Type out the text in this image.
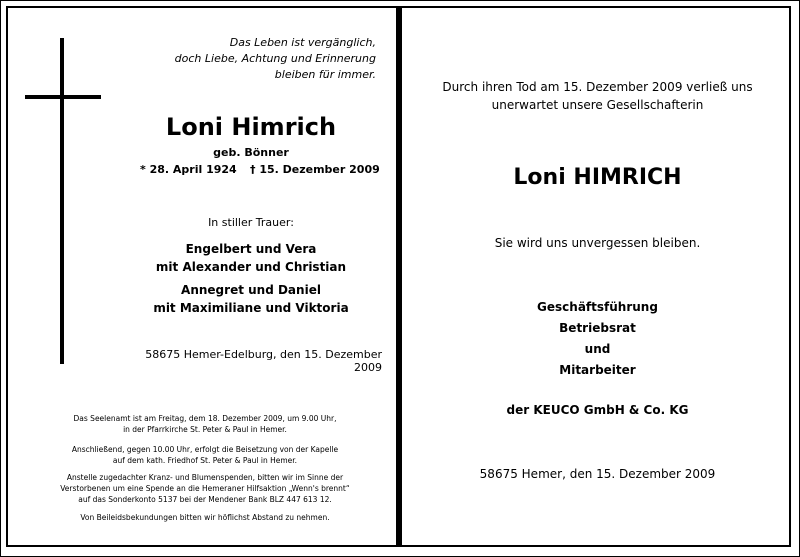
Das Leben ist vergänglich,
doch Liebe, Achtung und Erinnerung
bleiben für immer.
Loni Himrich
geb. Bönner
* 28. April 1924 † 15. Dezember 2009
In stiller Trauer:
Engelbert und Vera
mit Alexander und Christian
Annegret und Daniel
mit Maximiliane und Viktoria
58675 Hemer-Edelburg, den 15. Dezember 2009
Das Seelenamt ist am Freitag, dem 18. Dezember 2009, um 9.00 Uhr,
in der Pfarrkirche St. Peter & Paul in Hemer.
Anschließend, gegen 10.00 Uhr, erfolgt die Beisetzung von der Kapelle
auf dem kath. Friedhof St. Peter & Paul in Hemer.
Anstelle zugedachter Kranz- und Blumenspenden, bitten wir im Sinne der
Verstorbenen um eine Spende an die Hemeraner Hilfsaktion „Wenn's brennt“
auf das Sonderkonto 5137 bei der Mendener Bank BLZ 447 613 12.
Von Beileidsbekundungen bitten wir höflichst Abstand zu nehmen.
Durch ihren Tod am 15. Dezember 2009 verließ uns
unerwartet unsere Gesellschafterin
Loni HIMRICH
Sie wird uns unvergessen bleiben.
Geschäftsführung
Betriebsrat
und
Mitarbeiter
der KEUCO GmbH & Co. KG
58675 Hemer, den 15. Dezember 2009
